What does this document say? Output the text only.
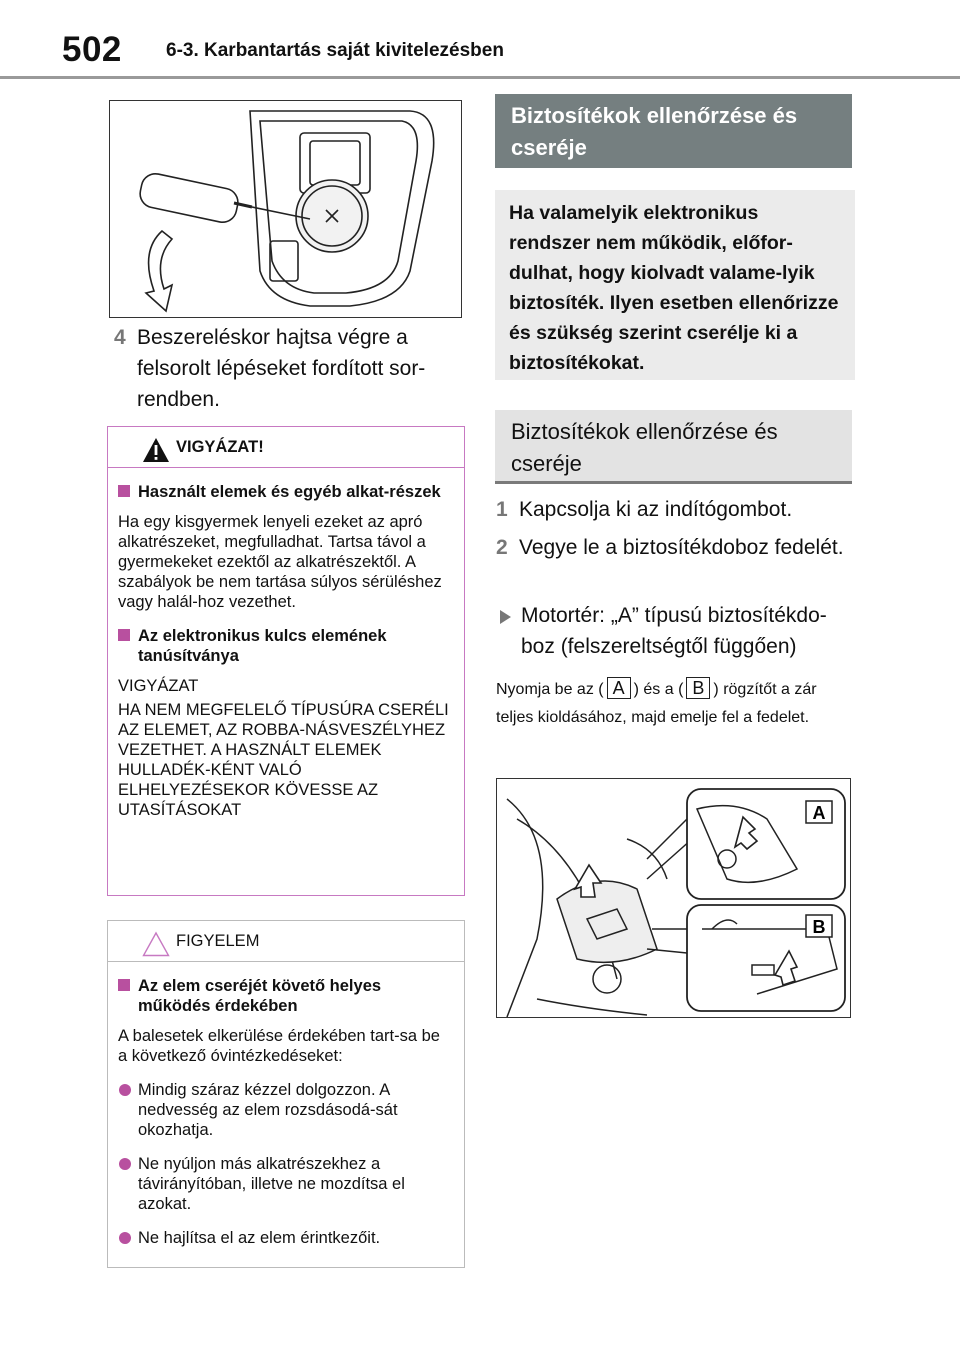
502 6-3. Karbantartás saját kivitelezésben
4 Beszereléskor hajtsa végre a felsorolt lépéseket fordított sor-rendben.
VIGYÁZAT!
Használt elemek és egyéb alkat-részek
Ha egy kisgyermek lenyeli ezeket az apró alkatrészeket, megfulladhat. Tartsa távol a gyermekeket ezektől az alkatrészektől. A szabályok be nem tartása súlyos sérüléshez vagy halál-hoz vezethet.
Az elektronikus kulcs elemének tanúsítványa
VIGYÁZAT
HA NEM MEGFELELŐ TÍPUSÚRA CSERÉLI AZ ELEMET, AZ ROBBA-NÁSVESZÉLYHEZ VEZETHET. A HASZNÁLT ELEMEK HULLADÉK-KÉNT VALÓ ELHELYEZÉSEKOR KÖVESSE AZ UTASÍTÁSOKAT
FIGYELEM
Az elem cseréjét követő helyes működés érdekében
A balesetek elkerülése érdekében tart-sa be a következő óvintézkedéseket:
Mindig száraz kézzel dolgozzon. A nedvesség az elem rozsdásodá-sát okozhatja.
Ne nyúljon más alkatrészekhez a távirányítóban, illetve ne mozdítsa el azokat.
Ne hajlítsa el az elem érintkezőit.
Biztosítékok ellenőrzése és cseréje
Ha valamelyik elektronikus rendszer nem működik, előfor-dulhat, hogy kiolvadt valame-lyik biztosíték. Ilyen esetben ellenőrizze és szükség szerint cserélje ki a biztosítékokat.
Biztosítékok ellenőrzése és cseréje
1 Kapcsolja ki az indítógombot.
2 Vegye le a biztosítékdoboz fedelét.
Motortér: „A” típusú biztosítékdo-boz (felszereltségtől függően)
Nyomja be az ( A ) és a ( B ) rögzítőt a zár teljes kioldásához, majd emelje fel a fedelet.
A
B
